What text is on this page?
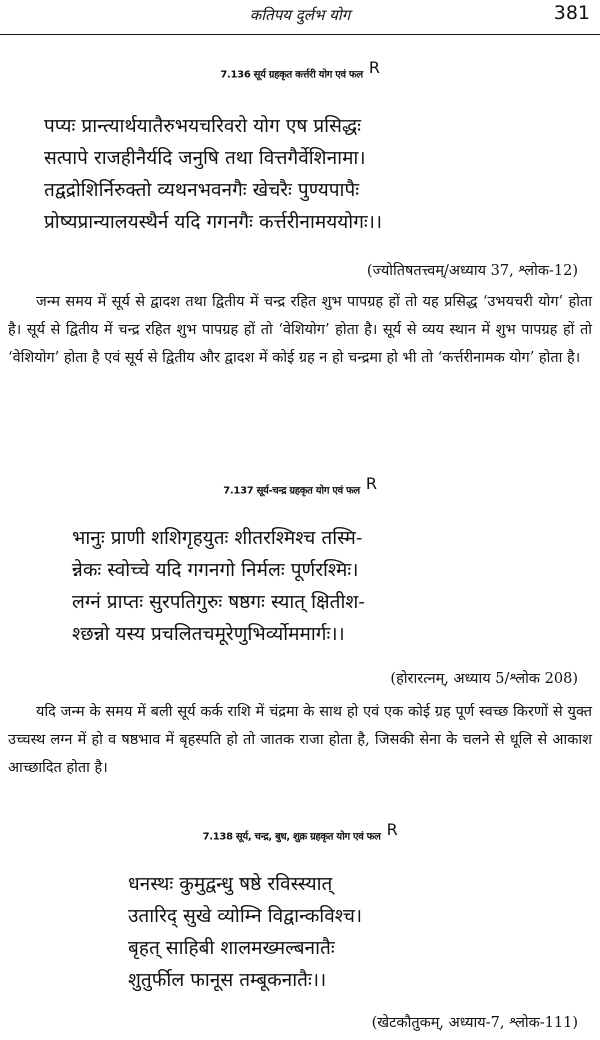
कतिपय दुर्लभ योग	381
7.136 सूर्य ग्रहकृत कर्त्तरी योग एवं फल R
पप्यः प्रान्त्यार्थयातैरुभयचरिवरो योग एष प्रसिद्धः
सत्पापे राजहीनैर्यदि जनुषि तथा वित्तगैर्वेशिनामा।
तद्वद्रोशिर्निरुक्तो व्यथनभवनगैः खेचरैः पुण्यपापैः
प्रोष्यप्रान्यालयस्थैर्न यदि गगनगैः कर्त्तरीनामययोगः।।
(ज्योतिषतत्त्वम्/अध्याय 37, श्लोक-12)
जन्म समय में सूर्य से द्वादश तथा द्वितीय में चन्द्र रहित शुभ पापग्रह हों तो यह प्रसिद्ध ‘उभयचरी योग’ होता है। सूर्य से द्वितीय में चन्द्र रहित शुभ पापग्रह हों तो ‘वेशियोग’ होता है। सूर्य से व्यय स्थान में शुभ पापग्रह हों तो ‘वेशियोग’ होता है एवं सूर्य से द्वितीय और द्वादश में कोई ग्रह न हो चन्द्रमा हो भी तो ‘कर्त्तरीनामक योग’ होता है।
7.137 सूर्य-चन्द्र ग्रहकृत योग एवं फल R
भानुः प्राणी शशिगृहयुतः शीतरश्मिश्च तस्मि-
न्नेकः स्वोच्चे यदि गगनगो निर्मलः पूर्णरश्मिः।
लग्नं प्राप्तः सुरपतिगुरुः षष्ठगः स्यात् क्षितीश-
श्छन्नो यस्य प्रचलितचमूरेणुभिर्व्योममार्गः।।
(होरारत्नम्, अध्याय 5/श्लोक 208)
यदि जन्म के समय में बली सूर्य कर्क राशि में चंद्रमा के साथ हो एवं एक कोई ग्रह पूर्ण स्वच्छ किरणों से युक्त उच्चस्थ लग्न में हो व षष्ठभाव में बृहस्पति हो तो जातक राजा होता है, जिसकी सेना के चलने से धूलि से आकाश आच्छादित होता है।
7.138 सूर्य, चन्द्र, बुध, शुक्र ग्रहकृत योग एवं फल R
धनस्थः कुमुद्वन्धु षष्ठे रविस्स्यात्
उतारिद् सुखे व्योम्नि विद्वान्कविश्च।
बृहत् साहिबी शालमख्मल्बनातैः
शुतुर्फील फानूस तम्बूकनातैः।।
(खेटकौतुकम्, अध्याय-7, श्लोक-111)
